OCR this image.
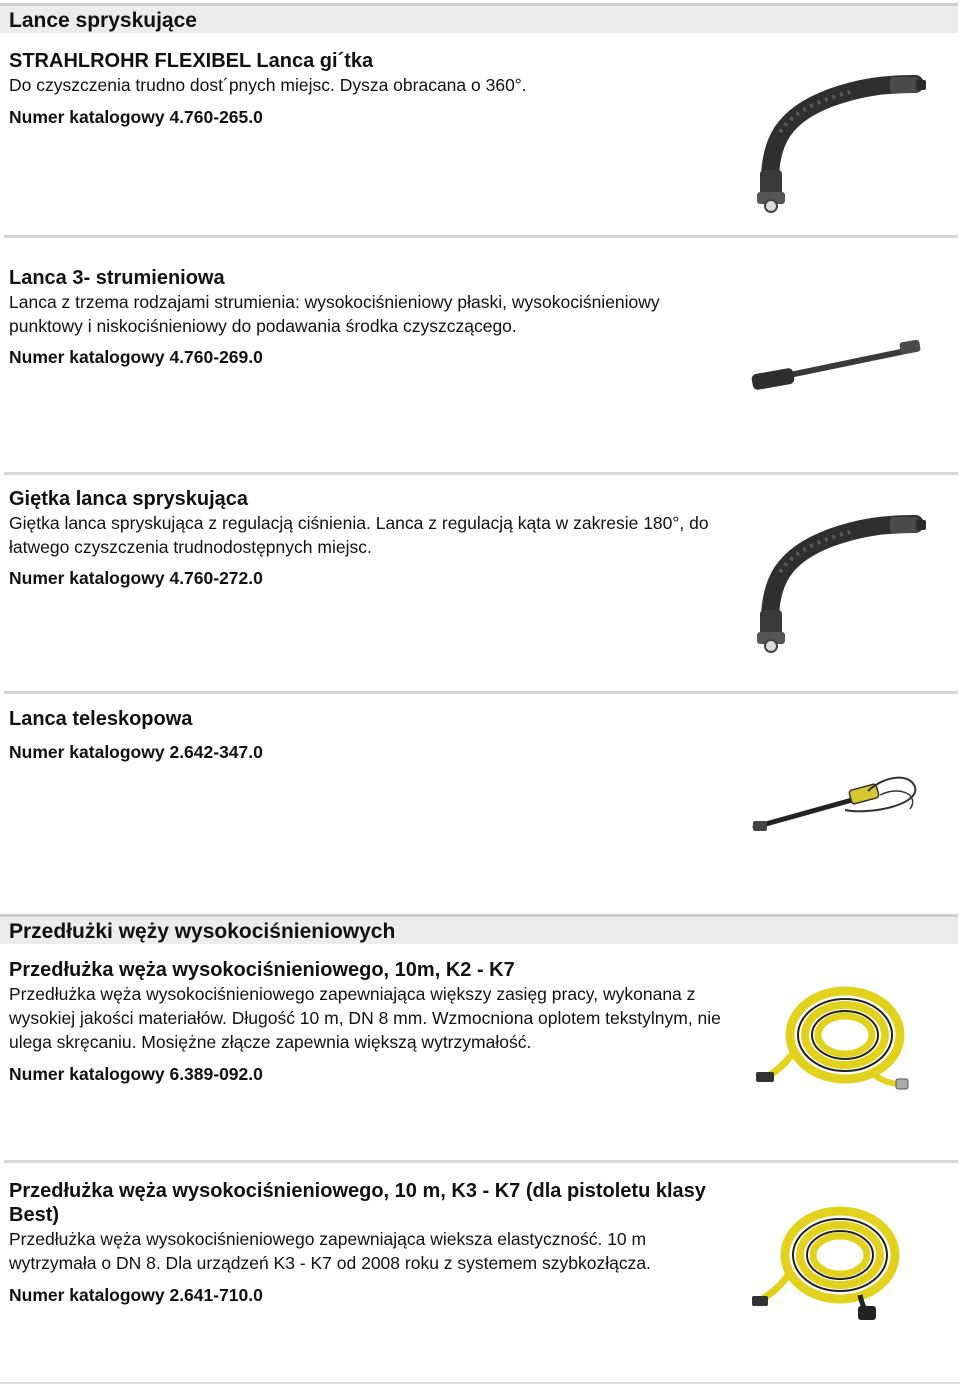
Lance spryskujące
STRAHLROHR FLEXIBEL Lanca gi´tka

Do czyszczenia trudno dost´pnych miejsc. Dysza obracana o 360°.

Numer katalogowy 4.760-265.0
Lanca 3- strumieniowa

Lanca z trzema rodzajami strumienia: wysokociśnieniowy płaski, wysokociśnieniowy punktowy i niskociśnieniowy do podawania środka czyszczącego.

Numer katalogowy 4.760-269.0
Giętka lanca spryskująca

Giętka lanca spryskująca z regulacją ciśnienia. Lanca z regulacją kąta w zakresie 180°, do łatwego czyszczenia trudnodostępnych miejsc.

Numer katalogowy 4.760-272.0
Lanca teleskopowa
Numer katalogowy 2.642-347.0
Przedłużki węży wysokociśnieniowych
Przedłużka węża wysokociśnieniowego, 10m, K2 - K7

Przedłużka węża wysokociśnieniowego zapewniająca większy zasięg pracy, wykonana z wysokiej jakości materiałów. Długość 10 m, DN 8 mm. Wzmocniona oplotem tekstylnym, nie ulega skręcaniu. Mosiężne złącze zapewnia większą wytrzymałość.

Numer katalogowy 6.389-092.0
Przedłużka węża wysokociśnieniowego, 10 m, K3 - K7 (dla pistoletu klasy Best)

Przedłużka węża wysokociśnieniowego zapewniająca wieksza elastyczność. 10 m wytrzymała o DN 8. Dla urządzeń K3 - K7 od 2008 roku z systemem szybkozłącza.

Numer katalogowy 2.641-710.0
